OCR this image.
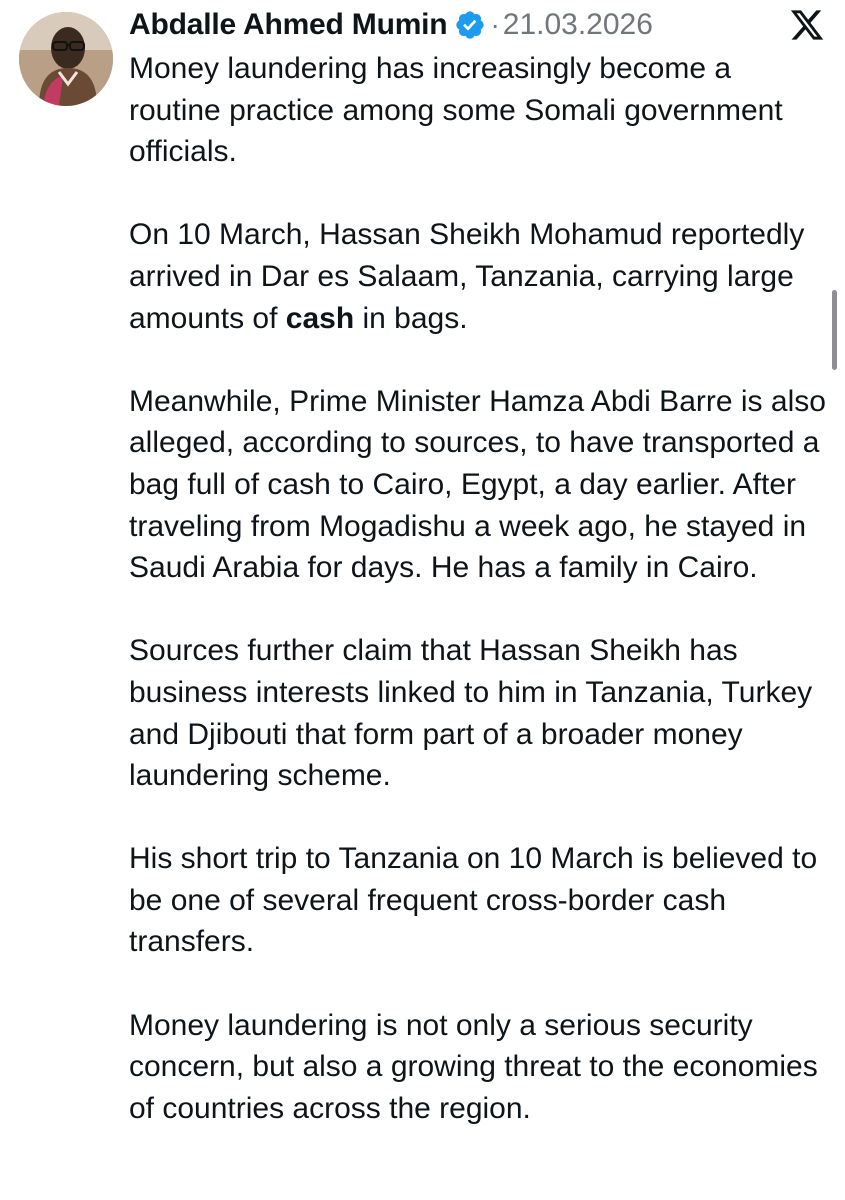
Abdalle Ahmed Mumin · 21.03.2026

Money laundering has increasingly become a routine practice among some Somali government officials.

On 10 March, Hassan Sheikh Mohamud reportedly arrived in Dar es Salaam, Tanzania, carrying large amounts of cash in bags.

Meanwhile, Prime Minister Hamza Abdi Barre is also alleged, according to sources, to have transported a bag full of cash to Cairo, Egypt, a day earlier. After traveling from Mogadishu a week ago, he stayed in Saudi Arabia for days. He has a family in Cairo.

Sources further claim that Hassan Sheikh has business interests linked to him in Tanzania, Turkey and Djibouti that form part of a broader money laundering scheme.

His short trip to Tanzania on 10 March is believed to be one of several frequent cross-border cash transfers.

Money laundering is not only a serious security concern, but also a growing threat to the economies of countries across the region.
